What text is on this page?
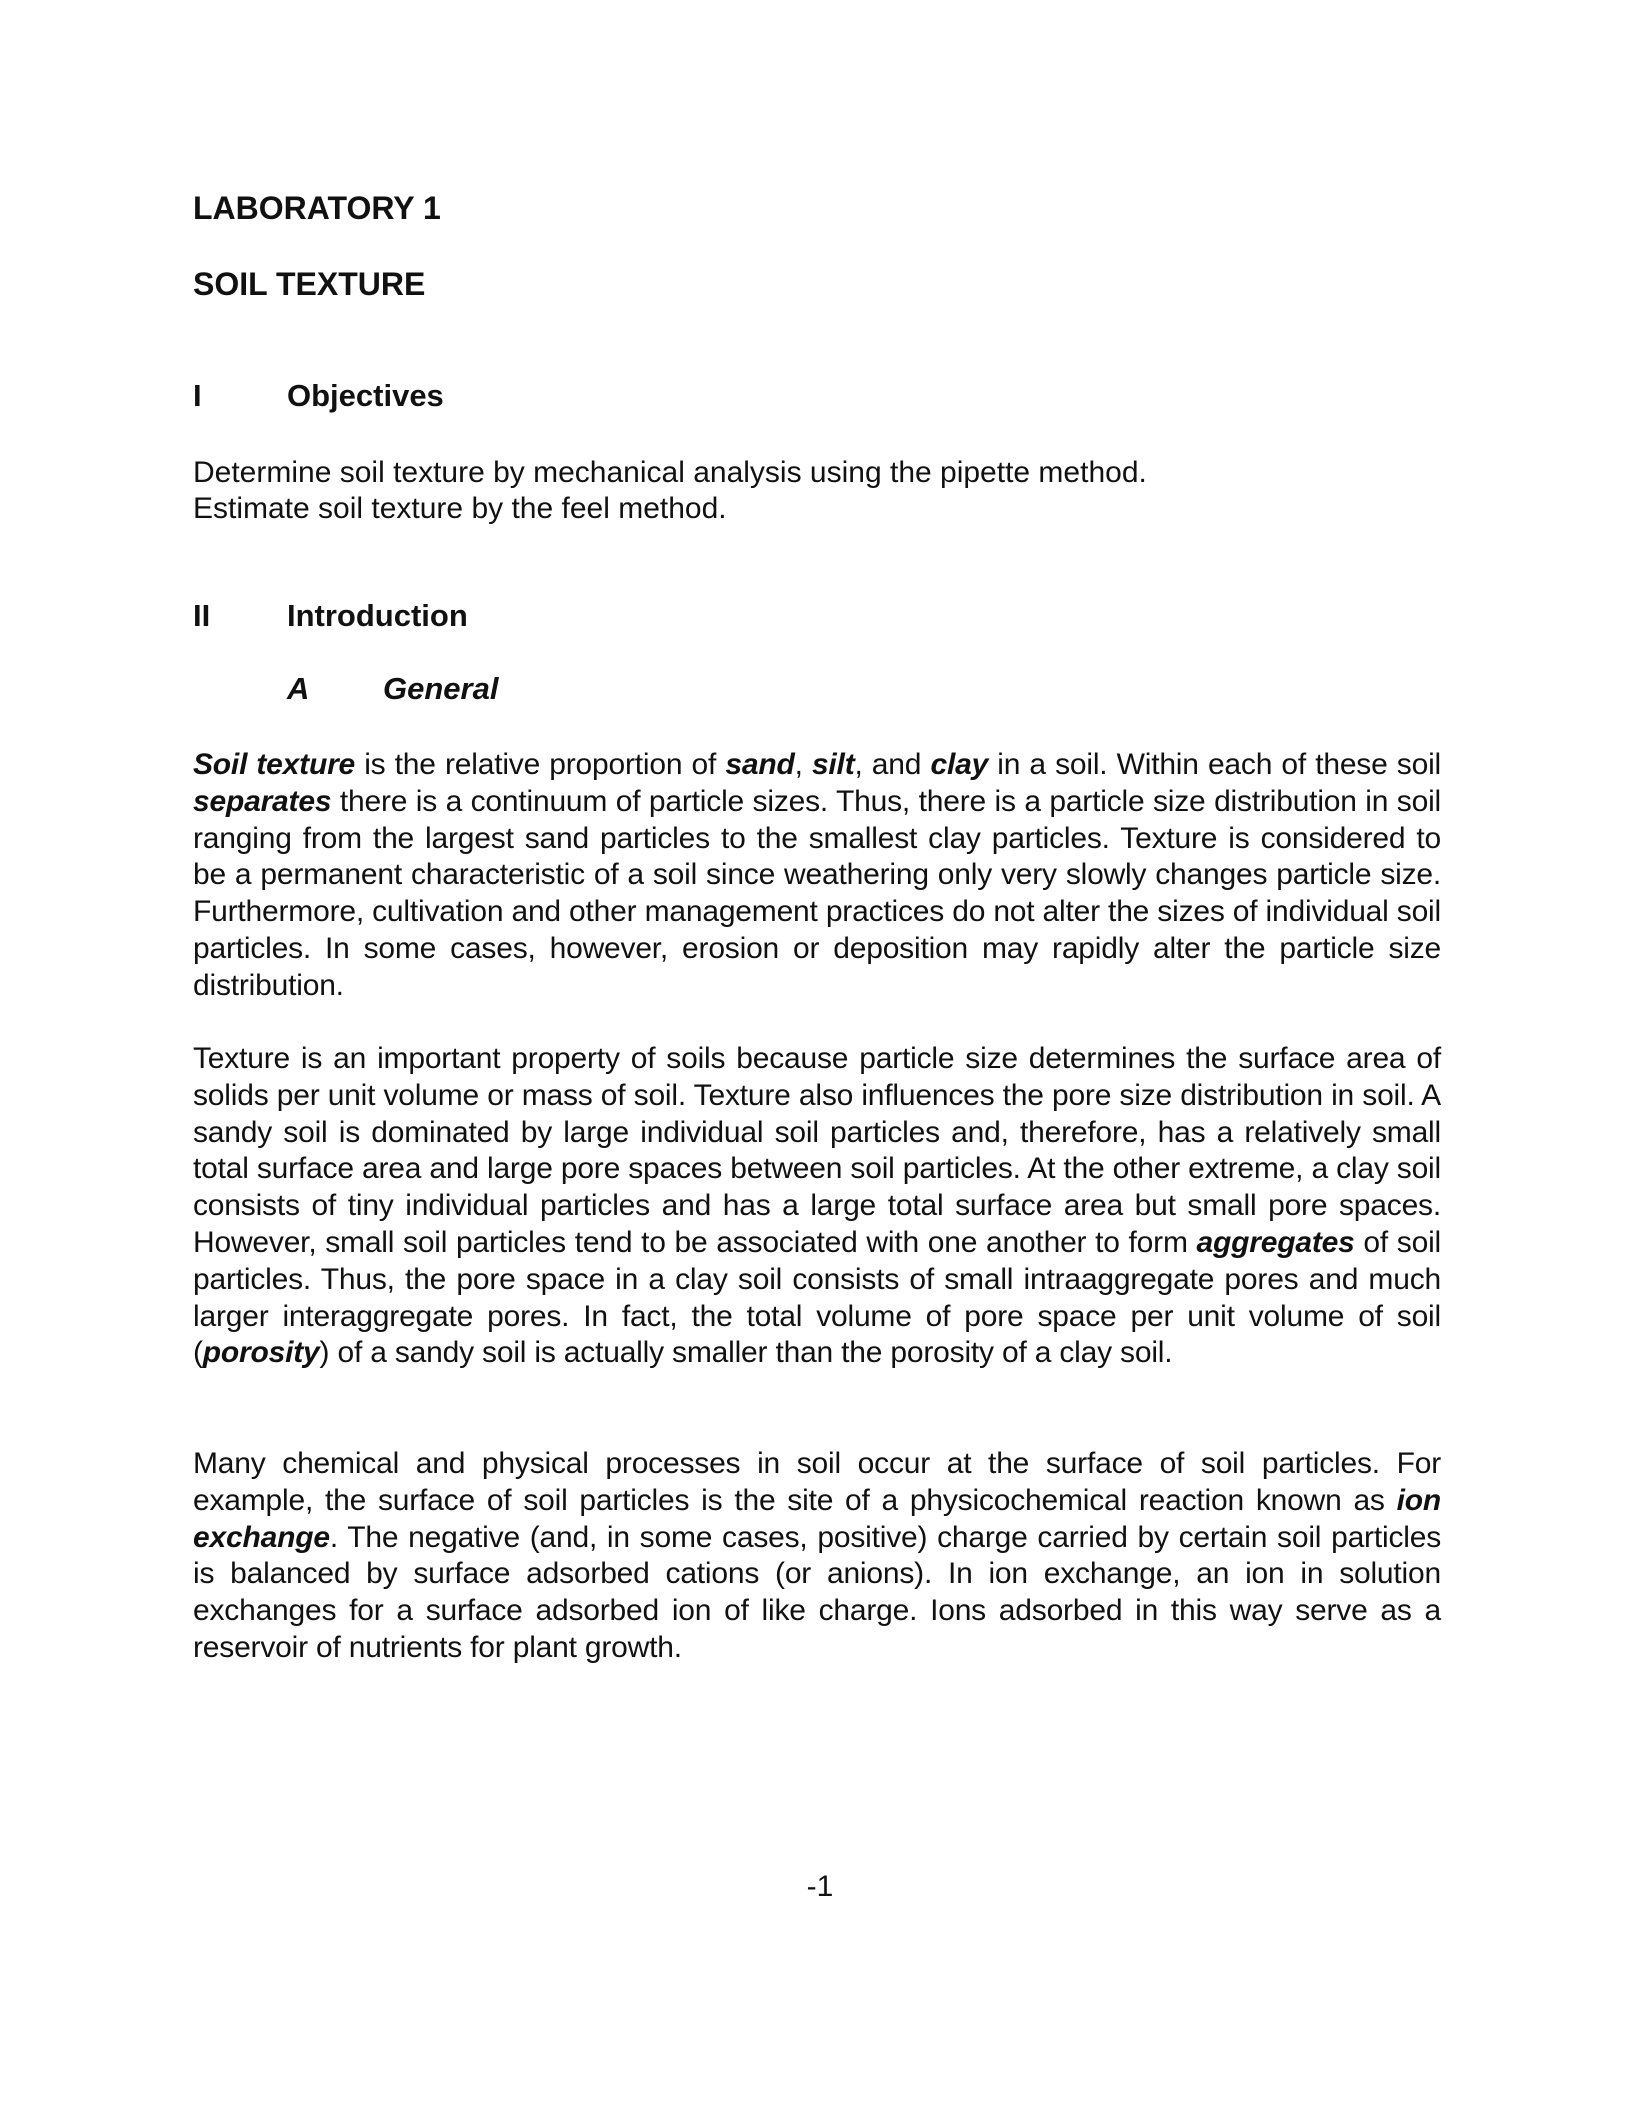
LABORATORY 1
SOIL TEXTURE
I	Objectives
Determine soil texture by mechanical analysis using the pipette method.
Estimate soil texture by the feel method.
II	Introduction
A	General

Soil texture is the relative proportion of sand, silt, and clay in a soil. Within each of these soil separates there is a continuum of particle sizes. Thus, there is a particle size distribution in soil ranging from the largest sand particles to the smallest clay particles. Texture is considered to be a permanent characteristic of a soil since weathering only very slowly changes particle size. Furthermore, cultivation and other management practices do not alter the sizes of individual soil particles. In some cases, however, erosion or deposition may rapidly alter the particle size distribution.

Texture is an important property of soils because particle size determines the surface area of solids per unit volume or mass of soil. Texture also influences the pore size distribution in soil. A sandy soil is dominated by large individual soil particles and, therefore, has a relatively small total surface area and large pore spaces between soil particles. At the other extreme, a clay soil consists of tiny individual particles and has a large total surface area but small pore spaces. However, small soil particles tend to be associated with one another to form aggregates of soil particles. Thus, the pore space in a clay soil consists of small intraaggregate pores and much larger interaggregate pores. In fact, the total volume of pore space per unit volume of soil (porosity) of a sandy soil is actually smaller than the porosity of a clay soil.

Many chemical and physical processes in soil occur at the surface of soil particles. For example, the surface of soil particles is the site of a physicochemical reaction known as ion exchange. The negative (and, in some cases, positive) charge carried by certain soil particles is balanced by surface adsorbed cations (or anions). In ion exchange, an ion in solution exchanges for a surface adsorbed ion of like charge. Ions adsorbed in this way serve as a reservoir of nutrients for plant growth.

-1
